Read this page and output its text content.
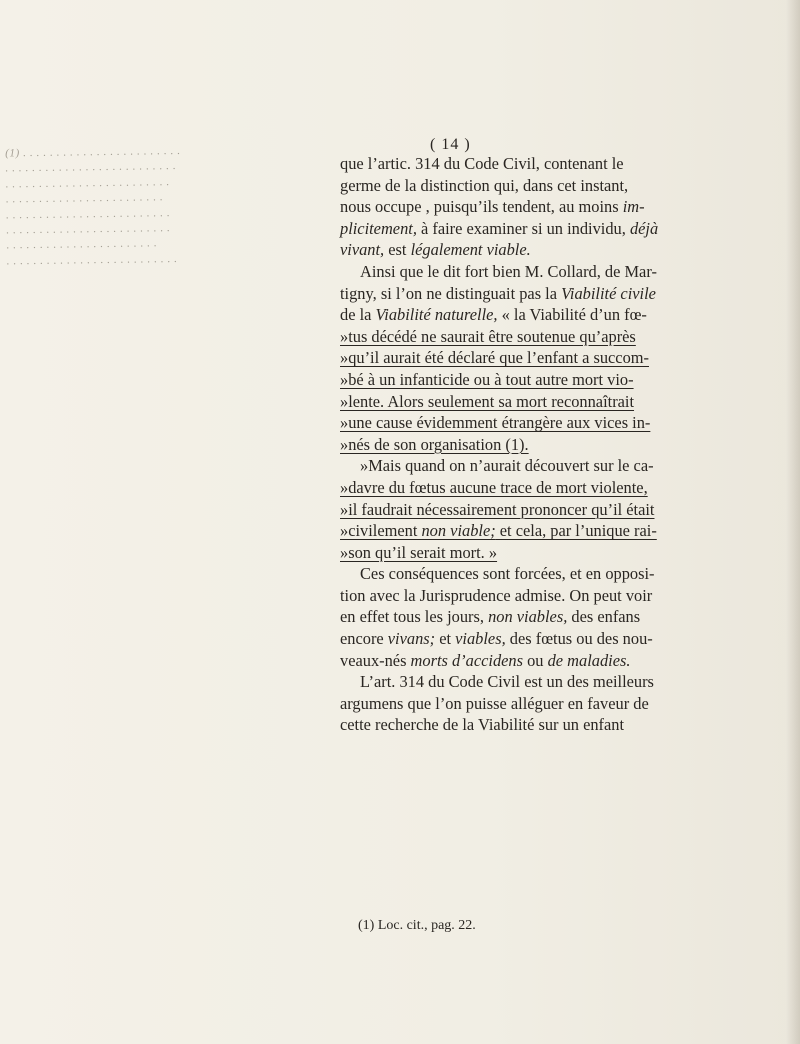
( 14 )
(1) . . . . . . . . . . . . . . . . . . . . . . . .
. . . . . . . . . . . . . . . . . . . . . . . . . .
. . . . . . . . . . . . . . . . . . . . . . . . .
. . . . . . . . . . . . . . . . . . . . . . . .
. . . . . . . . . . . . . . . . . . . . . . . . .
. . . . . . . . . . . . . . . . . . . . . . . . .
. . . . . . . . . . . . . . . . . . . . . . .
. . . . . . . . . . . . . . . . . . . . . . . . . .
que l’artic. 314 du Code Civil, contenant le
germe de la distinction qui, dans cet instant,
nous occupe , puisqu’ils tendent, au moins im-
plicitement, à faire examiner si un individu, déjà
vivant, est légalement viable.
Ainsi que le dit fort bien M. Collard, de Mar-
tigny, si l’on ne distinguait pas la Viabilité civile
de la Viabilité naturelle, « la Viabilité d’un fœ-
»tus décédé ne saurait être soutenue qu’après
»qu’il aurait été déclaré que l’enfant a succom-
»bé à un infanticide ou à tout autre mort vio-
»lente. Alors seulement sa mort reconnaîtrait
»une cause évidemment étrangère aux vices in-
»nés de son organisation (1).
»Mais quand on n’aurait découvert sur le ca-
»davre du fœtus aucune trace de mort violente,
»il faudrait nécessairement prononcer qu’il était
»civilement non viable; et cela, par l’unique rai-
»son qu’il serait mort. »
Ces conséquences sont forcées, et en opposi-
tion avec la Jurisprudence admise. On peut voir
en effet tous les jours, non viables, des enfans
encore vivans; et viables, des fœtus ou des nou-
veaux-nés morts d’accidens ou de maladies.
L’art. 314 du Code Civil est un des meilleurs
argumens que l’on puisse alléguer en faveur de
cette recherche de la Viabilité sur un enfant
(1) Loc. cit., pag. 22.
